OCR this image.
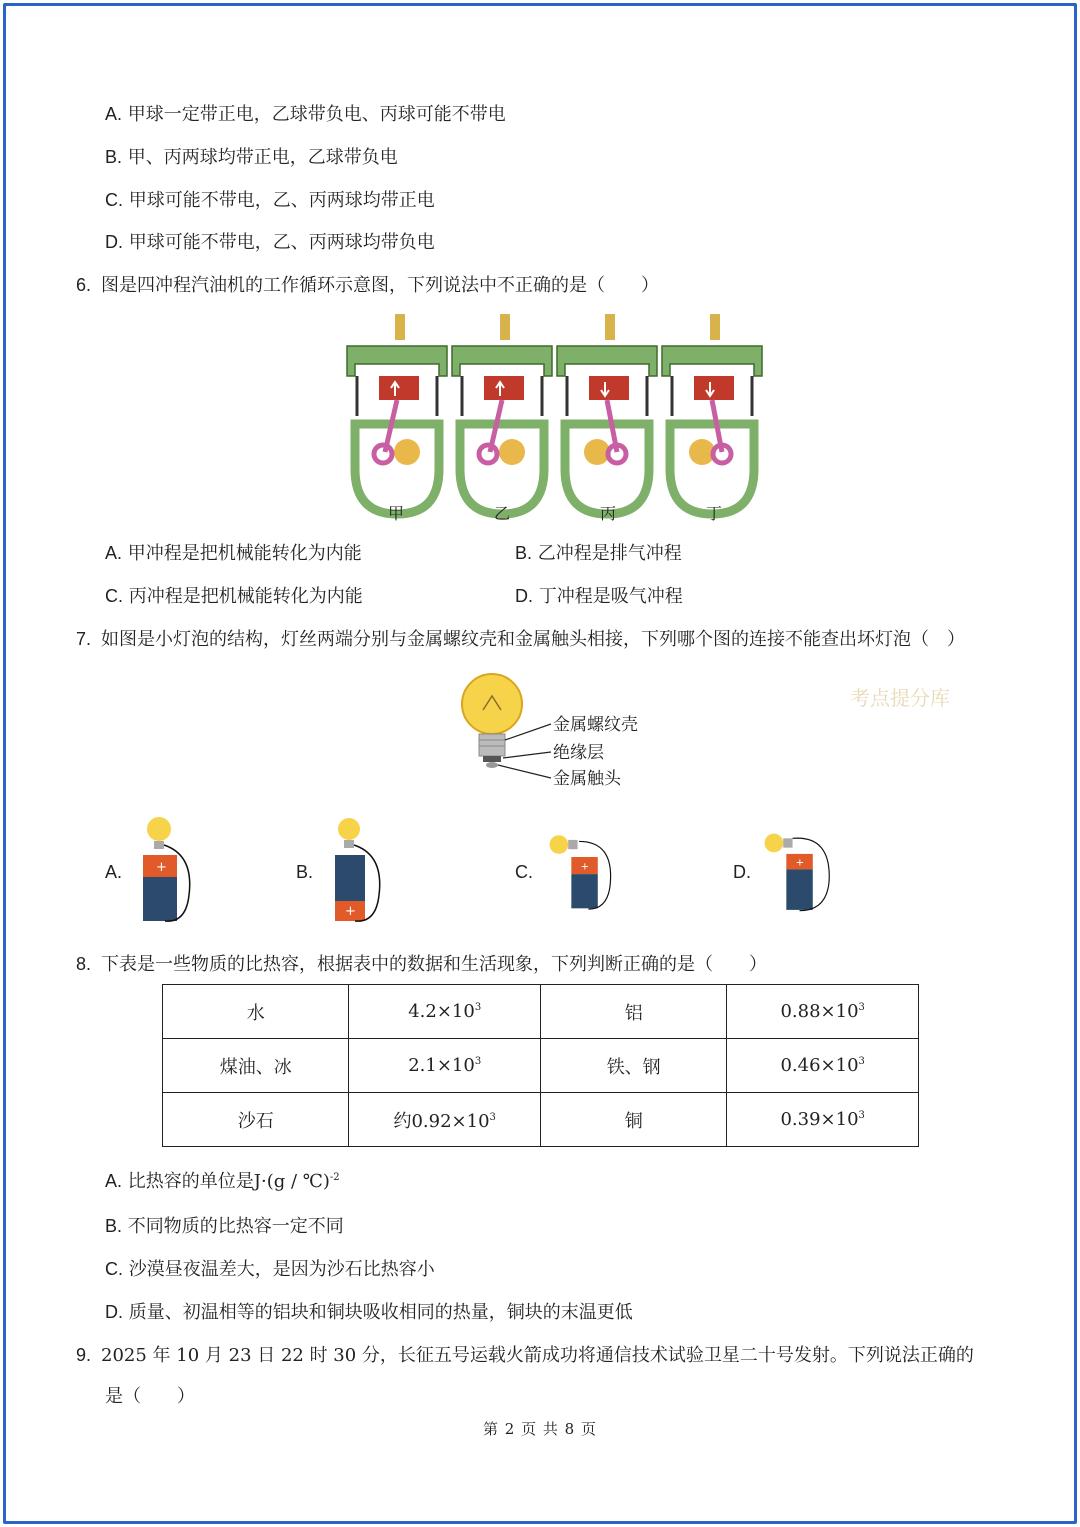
A. 甲球一定带正电，乙球带负电、丙球可能不带电
B. 甲、丙两球均带正电，乙球带负电
C. 甲球可能不带电，乙、丙两球均带正电
D. 甲球可能不带电，乙、丙两球均带负电
6. 图是四冲程汽油机的工作循环示意图，下列说法中不正确的是（　　）
甲	乙	丙	丁
A. 甲冲程是把机械能转化为内能	B. 乙冲程是排气冲程
C. 丙冲程是把机械能转化为内能	D. 丁冲程是吸气冲程
7. 如图是小灯泡的结构，灯丝两端分别与金属螺纹壳和金属触头相接，下列哪个图的连接不能查出坏灯泡（　）
金属螺纹壳
绝缘层
金属触头
考点提分库
A.	+	B.
+
C.	+	D.	+
8. 下表是一些物质的比热容，根据表中的数据和生活现象，下列判断正确的是（　　）
水	$4.2\times 10^3$	铝	$0.88\times 10^3$
煤油、冰	$2.1\times 10^3$	铁、钢	$0.46\times 10^3$
沙石	约$0.92\times 10^3$	铜	$0.39\times 10^3$
A. 比热容的单位是J·(g / ℃)$^{-2}$
B. 不同物质的比热容一定不同
C. 沙漠昼夜温差大，是因为沙石比热容小
D. 质量、初温相等的铝块和铜块吸收相同的热量，铜块的末温更低
9. 2025 年 10 月 23 日 22 时 30 分，长征五号运载火箭成功将通信技术试验卫星二十号发射。下列说法正确的
是（　　）
第 2 页 共 8 页
